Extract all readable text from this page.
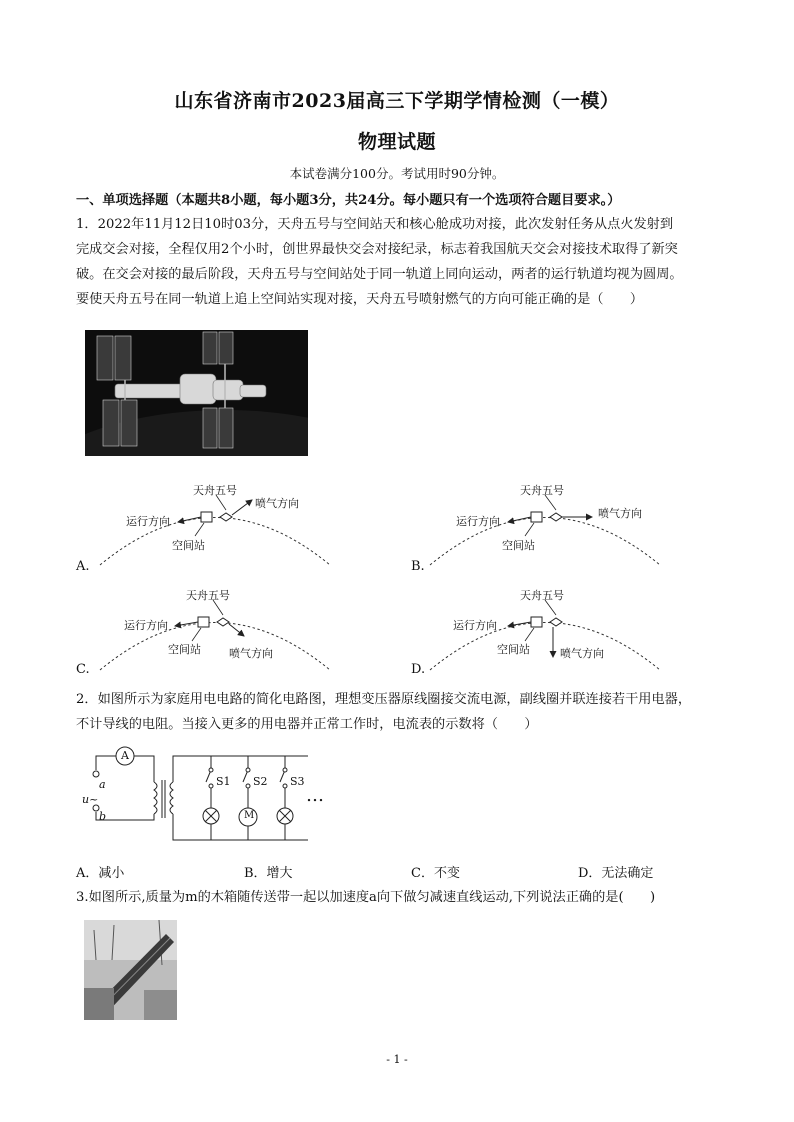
山东省济南市2023届高三下学期学情检测（一模）
物理试题
本试卷满分100分。考试用时90分钟。
一、单项选择题（本题共8小题，每小题3分，共24分。每小题只有一个选项符合题目要求。）
1．2022年11月12日10时03分，天舟五号与空间站天和核心舱成功对接，此次发射任务从点火发射到
完成交会对接，全程仅用2个小时，创世界最快交会对接纪录，标志着我国航天交会对接技术取得了新突
破。在交会对接的最后阶段，天舟五号与空间站处于同一轨道上同向运动，两者的运行轨道均视为圆周。
要使天舟五号在同一轨道上追上空间站实现对接，天舟五号喷射燃气的方向可能正确的是（　　）
天舟五号
喷气方向
运行方向
空间站
A.
天舟五号
喷气方向
运行方向
空间站
B.
天舟五号
运行方向
空间站	喷气方向
C.
天舟五号
运行方向
空间站	喷气方向
D.
2．如图所示为家庭用电电路的简化电路图，理想变压器原线圈接交流电源，副线圈并联连接若干用电器，
不计导线的电阻。当接入更多的用电器并正常工作时，电流表的示数将（　　）
A
a
u~
b
S1 S2 S3
M
…
A．减小	B．增大	C．不变	D．无法确定
3.如图所示,质量为m的木箱随传送带一起以加速度a向下做匀减速直线运动,下列说法正确的是(　　)
- 1 -
